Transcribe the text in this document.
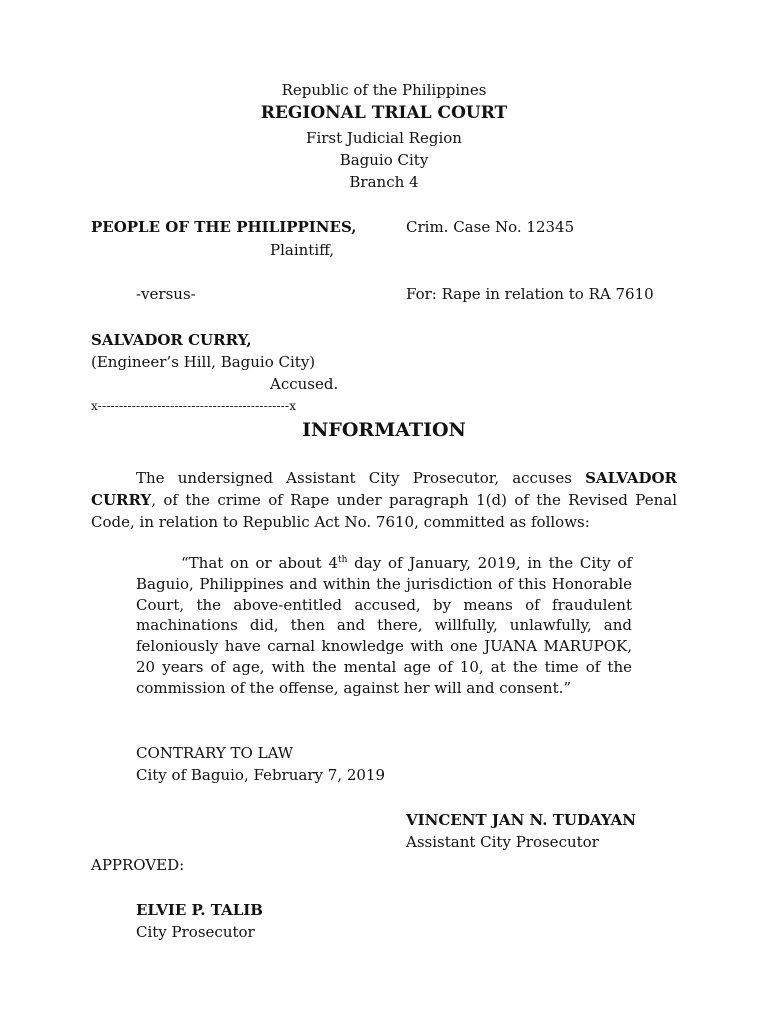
Republic of the Philippines
REGIONAL TRIAL COURT
First Judicial Region
Baguio City
Branch 4
PEOPLE OF THE PHILIPPINES,
Plaintiff,
Crim. Case No. 12345
-versus-	For: Rape in relation to RA 7610
SALVADOR CURRY,
(Engineer’s Hill, Baguio City)
Accused.
x---------------------------------------------x
INFORMATION
The undersigned Assistant City Prosecutor, accuses SALVADOR CURRY, of the crime of Rape under paragraph 1(d) of the Revised Penal Code, in relation to Republic Act No. 7610, committed as follows:
“That on or about 4th day of January, 2019, in the City of Baguio, Philippines and within the jurisdiction of this Honorable Court, the above-entitled accused, by means of fraudulent machinations did, then and there, willfully, unlawfully, and feloniously have carnal knowledge with one JUANA MARUPOK, 20 years of age, with the mental age of 10, at the time of the commission of the offense, against her will and consent.”
CONTRARY TO LAW
City of Baguio, February 7, 2019
VINCENT JAN N. TUDAYAN
Assistant City Prosecutor
APPROVED:
ELVIE P. TALIB
City Prosecutor
